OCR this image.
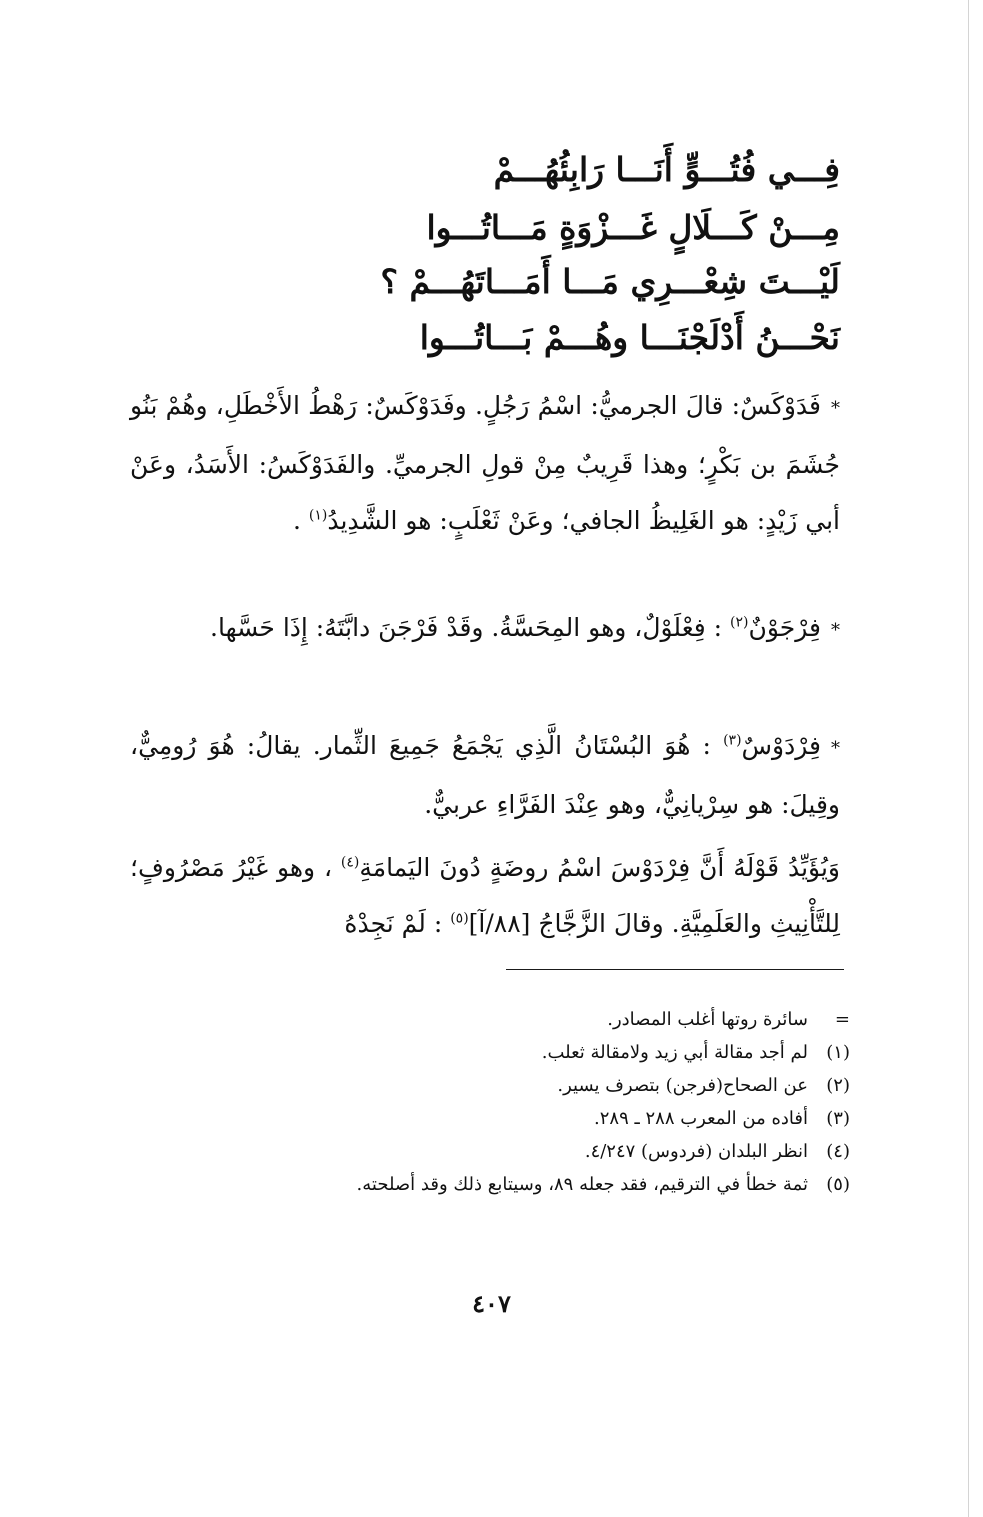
فِـــي فُتُـــوٍّ أَنَـــا رَابِئُهُـــمْ
مِـــنْ كَـــلَالٍ غَـــزْوَةٍ مَـــاتُـــوا
لَيْـــتَ شِعْـــرِي مَـــا أَمَـــاتَهُـــمْ ؟
نَحْـــنُ أَدْلَجْنَـــا وهُـــمْ بَـــاتُـــوا

*فَدَوْكَسٌ: قالَ الجرميُّ: اسْمُ رَجُلٍ. وفَدَوْكَسٌ: رَهْطُ الأَخْطَلِ، وهُمْ بَنُو جُشَمَ بن بَكْرٍ؛ وهذا قَرِيبٌ مِنْ قولِ الجرميِّ. والفَدَوْكَسُ: الأَسَدُ، وعَنْ أبي زَيْدٍ: هو الغَلِيظُ الجافي؛ وعَنْ ثَعْلَبٍ: هو الشَّدِيدُ$^{(١)}$ .

*فِرْجَوْنٌ$^{(٢)}$ : فِعْلَوْلٌ، وهو المِحَسَّةُ. وقَدْ فَرْجَنَ دابَّتَهُ: إِذَا حَسَّها.

*فِرْدَوْسٌ$^{(٣)}$ : هُوَ البُسْتَانُ الَّذِي يَجْمَعُ جَمِيعَ الثِّمار. يقالُ: هُوَ رُومِيٌّ، وقِيلَ: هو سِرْيانِيٌّ، وهو عِنْدَ الفَرَّاءِ عربيٌّ.

وَيُؤَيِّدُ قَوْلَهُ أَنَّ فِرْدَوْسَ اسْمُ روضَةٍ دُونَ اليَمامَةِ$^{(٤)}$ ، وهو غَيْرُ مَصْرُوفٍ؛ لِلتَّأْنِيثِ والعَلَمِيَّةِ. وقالَ الزَّجَّاجُ [٨٨/آ]$^{(٥)}$ : لَمْ نَجِدْهُ

=
سائرة روتها أغلب المصادر.
(١)
لم أجد مقالة أبي زيد ولامقالة ثعلب.
(٢)
عن الصحاح(فرجن) بتصرف يسير.
(٣)
أفاده من المعرب ٢٨٨ ـ ٢٨٩.
(٤)
انظر البلدان (فردوس) ٤/٢٤٧.
(٥)
ثمة خطأ في الترقيم، فقد جعله ٨٩، وسيتابع ذلك وقد أصلحته.
٤٠٧
